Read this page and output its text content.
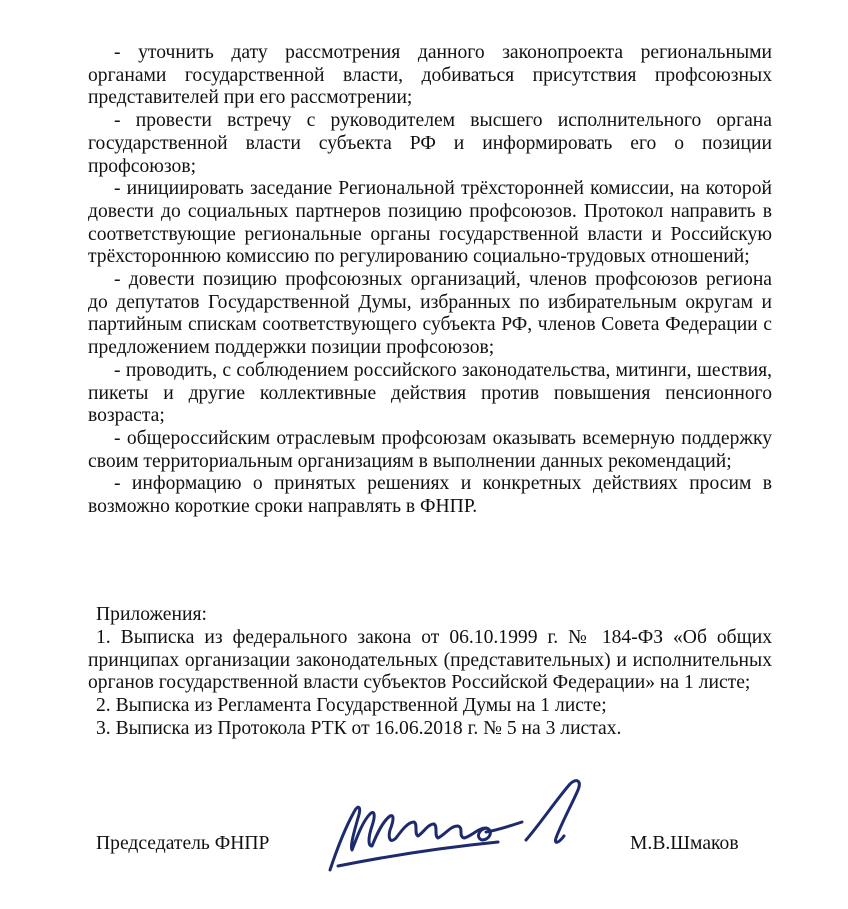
- уточнить дату рассмотрения данного законопроекта региональными органами государственной власти, добиваться присутствия профсоюзных представителей при его рассмотрении;

- провести встречу с руководителем высшего исполнительного органа государственной власти субъекта РФ и информировать его о позиции профсоюзов;

- инициировать заседание Региональной трёхсторонней комиссии, на которой довести до социальных партнеров позицию профсоюзов. Протокол направить в соответствующие региональные органы государственной власти и Российскую трёхстороннюю комиссию по регулированию социально-трудовых отношений;

- довести позицию профсоюзных организаций, членов профсоюзов региона до депутатов Государственной Думы, избранных по избирательным округам и партийным спискам соответствующего субъекта РФ, членов Совета Федерации с предложением поддержки позиции профсоюзов;

- проводить, с соблюдением российского законодательства, митинги, шествия, пикеты и другие коллективные действия против повышения пенсионного возраста;

- общероссийским отраслевым профсоюзам оказывать всемерную поддержку своим территориальным организациям в выполнении данных рекомендаций;

- информацию о принятых решениях и конкретных действиях просим в возможно короткие сроки направлять в ФНПР.

Приложения:

1. Выписка из федерального закона от 06.10.1999 г. № 184-ФЗ «Об общих принципах организации законодательных (представительных) и исполнительных органов государственной власти субъектов Российской Федерации» на 1 листе;

2. Выписка из Регламента Государственной Думы на 1 листе;

3. Выписка из Протокола РТК от 16.06.2018 г. № 5 на 3 листах.

Председатель ФНПР	М.В.Шмаков
